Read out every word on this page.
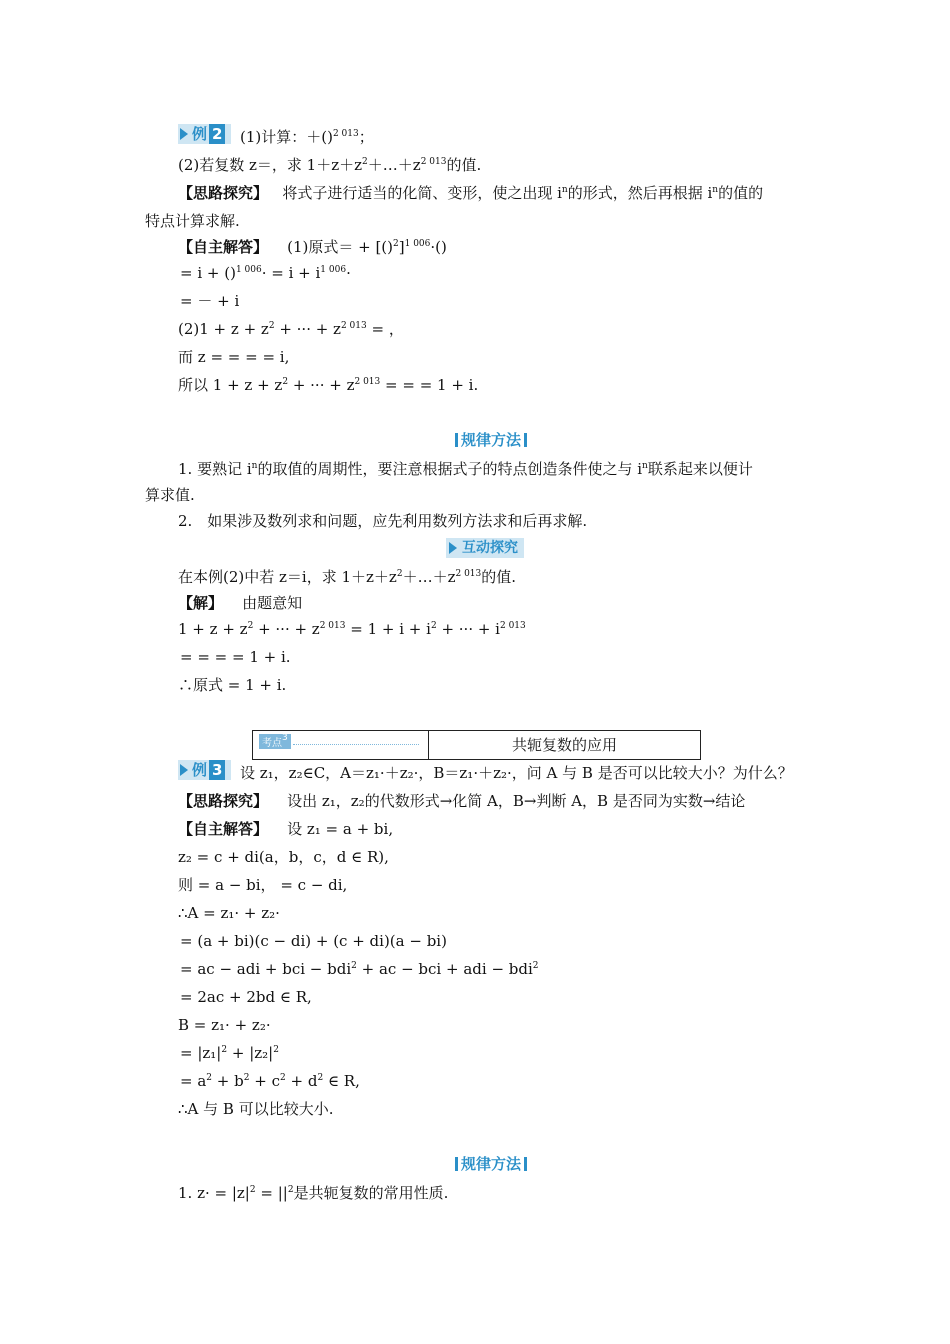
例 2	(1)计算：＋()$^{2 013}$；
(2)若复数 z＝，求 $1+z+z^2+\dots+z^{2 013}$的值.
【思路探究】 将式子进行适当的化简、变形，使之出现 $i^n$的形式，然后再根据 $i^n$的值的
特点计算求解.
【自主解答】 (1)原式＝ + $[()^2]^{1 006}\cdot()$
= $i + ()^{1 006}\cdot = i + i^{1 006}\cdot$
= － + i
$(2)1 + z + z^2$ + ··· + $z^{2 013}$ = ，
而 z = = = = i,
所以 $1 + z + z^2$ + ··· + $z^{2 013}$ = = = 1 + i.
规律方法
1. 要熟记 $i^n$的取值的周期性，要注意根据式子的特点创造条件使之与 $i^n$联系起来以便计
算求值.
2.　如果涉及数列求和问题，应先利用数列方法求和后再求解.
互动探究
在本例(2)中若 z＝i，求 $1+z+z^2+\dots+z^{2 013}$的值.
【解】 由题意知
$1 + z + z^2$ + ··· + $z^{2 013} = 1 + i + i^2$ + ··· + $i^{2 013}$
= = = = 1 + i.
∴原式 = 1 + i.
考点$^3$	共轭复数的应用
例 3	设 z₁，z₂∈C，A＝z₁·＋z₂·，B＝z₁·＋z₂·，问 A 与 B 是否可以比较大小？为什么？
【思路探究】 设出 z₁，z₂的代数形式→化简 A，B→判断 A，B 是否同为实数→结论
【自主解答】 设 z₁ = a + bi,
z₂ = c + di(a，b，c，d ∈ R),
则 = a − bi， = c − di,
∴A = z₁· + z₂·
= (a + bi)(c − di) + (c + di)(a − bi)
= ac − adi + bci − bdi$^2$ + ac − bci + adi − bdi$^2$
= 2ac + 2bd ∈ R,
B = z₁· + z₂·
= $|z_1|^2 + |z_2|^2$
= $a^2 + b^2 + c^2 + d^2$ ∈ R,
∴A 与 B 可以比较大小.
规律方法
1. $z\cdot = |z|^2 = ||^2$是共轭复数的常用性质.
